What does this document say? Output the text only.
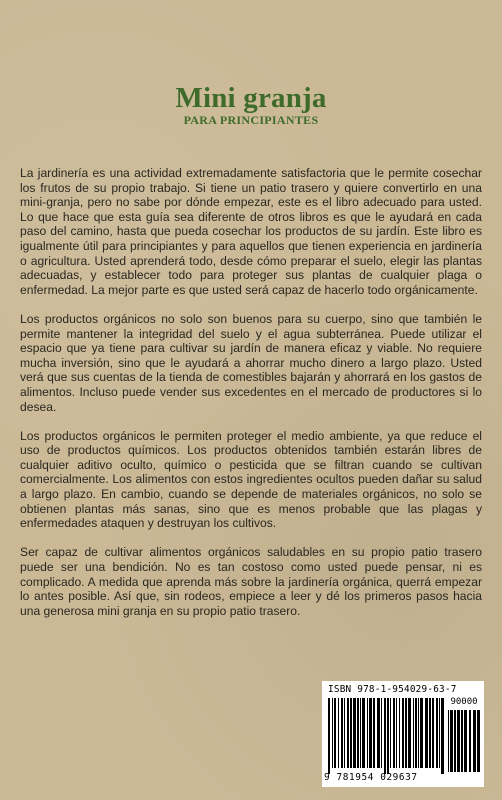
Mini granja
PARA PRINCIPIANTES

La jardinería es una actividad extremadamente satisfactoria que le permite cosechar los frutos de su propio trabajo. Si tiene un patio trasero y quiere convertirlo en una mini-granja, pero no sabe por dónde empezar, este es el libro adecuado para usted. Lo que hace que esta guía sea diferente de otros libros es que le ayudará en cada paso del camino, hasta que pueda cosechar los productos de su jardín. Este libro es igualmente útil para principiantes y para aquellos que tienen experiencia en jardinería o agricultura. Usted aprenderá todo, desde cómo preparar el suelo, elegir las plantas adecuadas, y establecer todo para proteger sus plantas de cualquier plaga o enfermedad. La mejor parte es que usted será capaz de hacerlo todo orgánicamente.

Los productos orgánicos no solo son buenos para su cuerpo, sino que también le permite mantener la integridad del suelo y el agua subterránea. Puede utilizar el espacio que ya tiene para cultivar su jardín de manera eficaz y viable. No requiere mucha inversión, sino que le ayudará a ahorrar mucho dinero a largo plazo. Usted verá que sus cuentas de la tienda de comestibles bajarán y ahorrará en los gastos de alimentos. Incluso puede vender sus excedentes en el mercado de productores si lo desea.

Los productos orgánicos le permiten proteger el medio ambiente, ya que reduce el uso de productos químicos. Los productos obtenidos también estarán libres de cualquier aditivo oculto, químico o pesticida que se filtran cuando se cultivan comercialmente. Los alimentos con estos ingredientes ocultos pueden dañar su salud a largo plazo. En cambio, cuando se depende de materiales orgánicos, no solo se obtienen plantas más sanas, sino que es menos probable que las plagas y enfermedades ataquen y destruyan los cultivos.

Ser capaz de cultivar alimentos orgánicos saludables en su propio patio trasero puede ser una bendición. No es tan costoso como usted puede pensar, ni es complicado. A medida que aprenda más sobre la jardinería orgánica, querrá empezar lo antes posible. Así que, sin rodeos, empiece a leer y dé los primeros pasos hacia una generosa mini granja en su propio patio trasero.

ISBN 978-1-954029-63-7
90000
9 781954 029637
